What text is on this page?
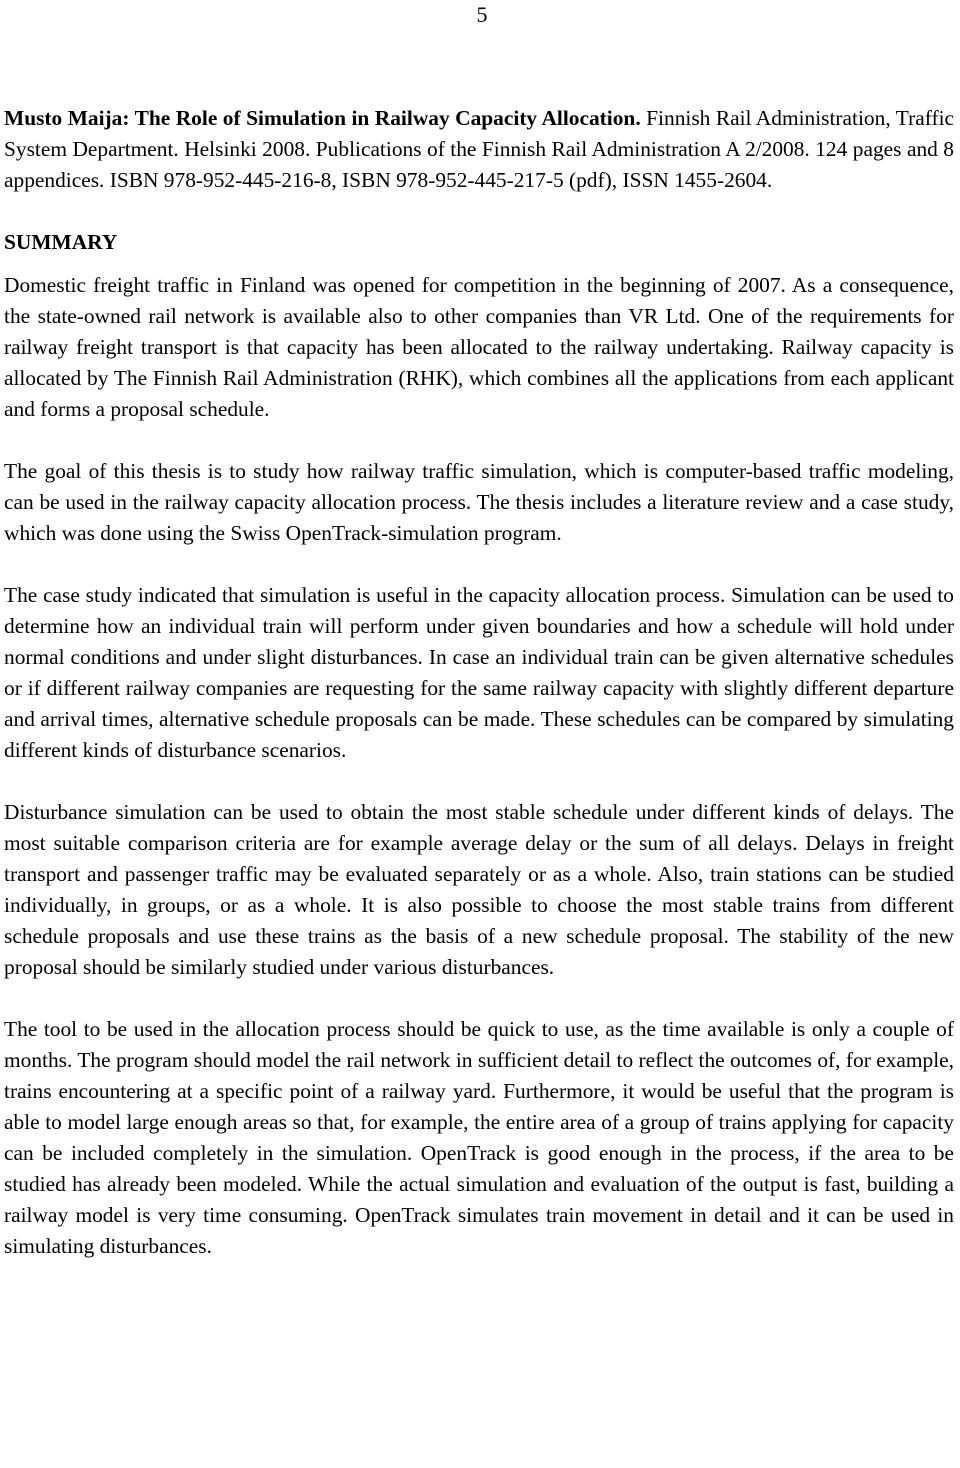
5

Musto Maija: The Role of Simulation in Railway Capacity Allocation. Finnish Rail Administration, Traffic System Department. Helsinki 2008. Publications of the Finnish Rail Administration A 2/2008. 124 pages and 8 appendices. ISBN 978-952-445-216-8, ISBN 978-952-445-217-5 (pdf), ISSN 1455-2604.

SUMMARY

Domestic freight traffic in Finland was opened for competition in the beginning of 2007. As a consequence, the state-owned rail network is available also to other companies than VR Ltd. One of the requirements for railway freight transport is that capacity has been allocated to the railway undertaking. Railway capacity is allocated by The Finnish Rail Administration (RHK), which combines all the applications from each applicant and forms a proposal schedule.

The goal of this thesis is to study how railway traffic simulation, which is computer-based traffic modeling, can be used in the railway capacity allocation process. The thesis includes a literature review and a case study, which was done using the Swiss OpenTrack-simulation program.

The case study indicated that simulation is useful in the capacity allocation process. Simulation can be used to determine how an individual train will perform under given boundaries and how a schedule will hold under normal conditions and under slight disturbances. In case an individual train can be given alternative schedules or if different railway companies are requesting for the same railway capacity with slightly different departure and arrival times, alternative schedule proposals can be made. These schedules can be compared by simulating different kinds of disturbance scenarios.

Disturbance simulation can be used to obtain the most stable schedule under different kinds of delays. The most suitable comparison criteria are for example average delay or the sum of all delays. Delays in freight transport and passenger traffic may be evaluated separately or as a whole. Also, train stations can be studied individually, in groups, or as a whole. It is also possible to choose the most stable trains from different schedule proposals and use these trains as the basis of a new schedule proposal. The stability of the new proposal should be similarly studied under various disturbances.

The tool to be used in the allocation process should be quick to use, as the time available is only a couple of months. The program should model the rail network in sufficient detail to reflect the outcomes of, for example, trains encountering at a specific point of a railway yard. Furthermore, it would be useful that the program is able to model large enough areas so that, for example, the entire area of a group of trains applying for capacity can be included completely in the simulation. OpenTrack is good enough in the process, if the area to be studied has already been modeled. While the actual simulation and evaluation of the output is fast, building a railway model is very time consuming. OpenTrack simulates train movement in detail and it can be used in simulating disturbances.
